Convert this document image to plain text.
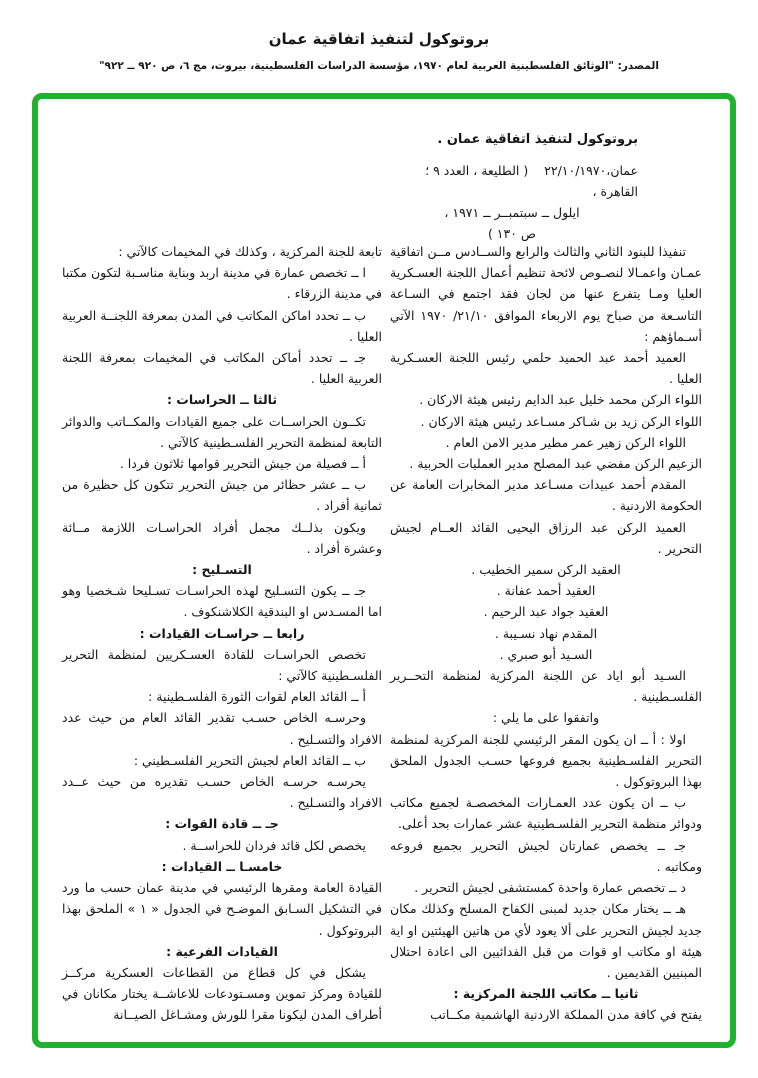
بروتوكول لتنفيذ اتفاقية عمان
المصدر: "الوثائق الفلسطينية العربية لعام ١٩٧٠، مؤسسة الدراسات الفلسطينية، بيروت، مج ٦، ص ٩٢٠ ــ ٩٢٢"
بروتوكول لتنفيذ اتفاقية عمان .
عمان،٢٢/١٠/١٩٧٠    ( الطليعة ، العدد ٩ ؛ القاهرة ،
ايلول ــ سبتمبــر ــ ١٩٧١ ،
ص ١٣٠ )

تنفيذا للبنود الثاني والثالث والرابع والســادس مــن اتفاقية عمـان واعمـالا لنصـوص لائحة تنظيم أعمال اللجنة العسـكرية العليا ومـا يتفرع عنها من لجان فقد اجتمع في السـاعة التاسـعة من صباح يوم الاربعاء الموافق ٢١/١٠/ ١٩٧٠ الآتي أسـماؤهم :

العميد أحمد عبد الحميد حلمي رئيس اللجنة العسـكرية العليا .

اللواء الركن محمد خليل عبد الدايم رئيس هيئة الاركان .

اللواء الركن زيد بن شـاكر مسـاعد رئيس هيئة الاركان .

اللواء الركن زهير عمر مطير مدير الامن العام .

الزعيم الركن مفضي عبد المصلح مدير العمليات الحربية .

المقدم أحمد عبيدات مسـاعد مدير المخابرات العامة عن الحكومة الاردنية .

العميد الركن عبد الرزاق اليحيى القائد العــام لجيش التحرير .

العقيد الركن سمير الخطيب .

العقيد أحمد عفانة .

العقيد جواد عبد الرحيم .

المقدم نهاد نسـيبة .

السـيد أبو صبري .

السـيد أبو اياد عن اللجنة المركزية لمنظمة التحــرير الفلسـطينية .

واتفقوا على ما يلي :

اولا : أ ــ ان يكون المقر الرئيسي للجنة المركزية لمنظمة التحرير الفلسـطينية بجميع فروعها حسـب الجدول الملحق بهذا البروتوكول .

ب ــ ان يكون عدد العمـارات المخصصـة لجميع مكاتب ودوائر منظمة التحرير الفلسـطينية عشر عمارات بحد أعلى.

جـ ــ يخصص عمارتان لجيش التحرير بجميع فروعه ومكاتبه .

د ــ تخصص عمارة واحدة كمستشفى لجيش التحرير .

هـ ــ يختار مكان جديد لمبنى الكفاح المسلح وكذلك مكان جديد لجيش التحرير على ألا يعود لأي من هاتين الهيئتين او اية هيئة او مكاتب او قوات من قبل الفدائيين الى اعادة احتلال المبنيين القديمين .

ثانيا ــ مكاتب اللجنة المركزية :

يفتح في كافة مدن المملكة الاردنية الهاشمية مكــاتب

تابعة للجنة المركزية ، وكذلك في المخيمات كالآتي :

ا ــ تخصص عمارة في مدينة اربد وبناية مناسـبة لتكون مكتبا في مدينة الزرقاء .

ب ــ تحدد اماكن المكاتب في المدن بمعرفة اللجنــة العربية العليا .

جـ ــ تحدد أماكن المكاتب في المخيمات بمعرفة اللجنة العربية العليا .

ثالثا ــ الحراسات :

تكــون الحراســات على جميع القيادات والمكــاتب والدوائر التابعة لمنظمة التحرير الفلسـطينية كالآتي .

أ ــ فصيلة من جيش التحرير قوامها ثلاثون فردا .

ب ــ عشر حظائر من جيش التحرير تتكون كل حظيرة من ثمانية أفراد .

ويكون بذلــك مجمل أفراد الحراسـات اللازمة مــائة وعشرة أفراد .

التسـليح :

جـ ــ يكون التسـليح لهذه الحراسـات تسـليحا شـخصيا وهو اما المسـدس او البندقية الكلاشنكوف .

رابعا ــ حراسـات القيادات :

تخصص الحراسـات للقادة العسـكريين لمنظمة التحرير الفلسـطينية كالآتي :

أ ــ القائد العام لقوات الثورة الفلسـطينية :

وحرسـه الخاص حسـب تقدير القائد العام من حيث عدد الافراد والتسـليح .

ب ــ القائد العام لجيش التحرير الفلسـطيني :

يحرسـه حرسـه الخاص حسـب تقديره من حيث عــدد الافراد والتسـليح .

جـ ــ قادة القوات :

يخصص لكل قائد فردان للحراســة .

خامسـا ــ القيادات :

القيادة العامة ومقرها الرئيسي في مدينة عمان حسب ما ورد في التشكيل السـابق الموضـح في الجدول « ١ » الملحق بهذا البروتوكول .

القيادات الفرعية :

يشكل في كل قطاع من القطاعات العسكرية مركــز للقيادة ومركز تموين ومسـتودعات للاعاشــة يختار مكانان في أطراف المدن ليكونا مقرا للورش ومشـاغل الصيــانة
